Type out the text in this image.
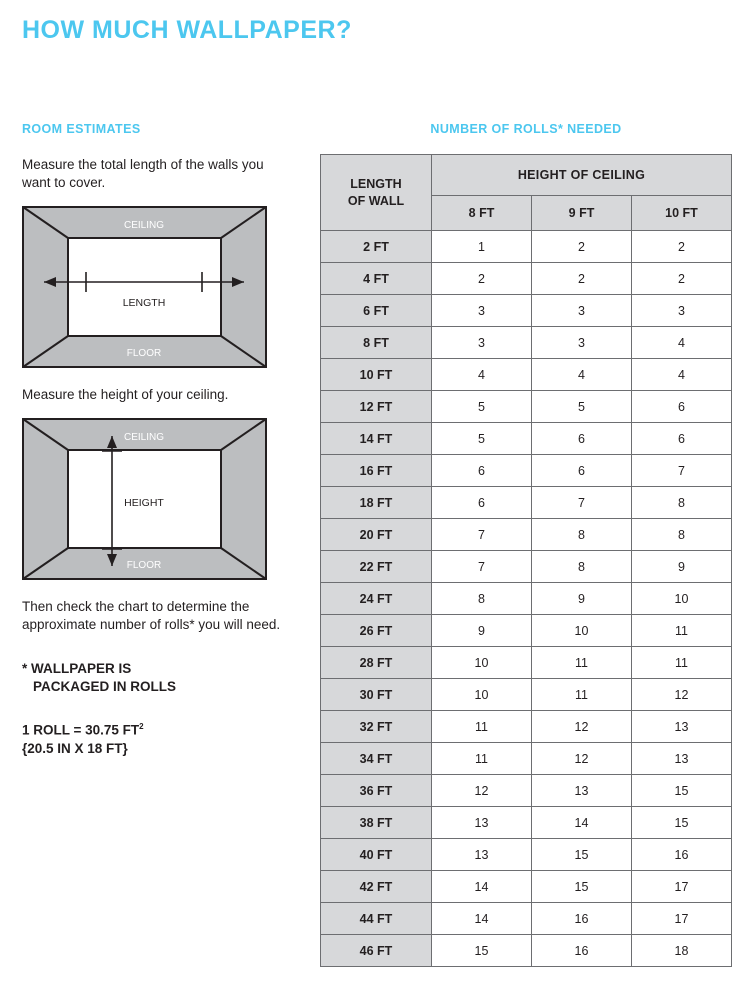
HOW MUCH WALLPAPER?
ROOM ESTIMATES

Measure the total length of the walls you want to cover.

LENGTH
CEILING
FLOOR

Measure the height of your ceiling.

HEIGHT
CEILING
FLOOR

Then check the chart to determine the approximate number of rolls* you will need.

* WALLPAPER IS

PACKAGED IN ROLLS

1 ROLL = 30.75 $FT^2$

{20.5 IN X 18 FT}

NUMBER OF ROLLS* NEEDED
LENGTH
OF WALL	HEIGHT OF CEILING		
	8 FT	9 FT	10 FT
2 FT	1	2	2
4 FT	2	2	2
6 FT	3	3	3
8 FT	3	3	4
10 FT	4	4	4
12 FT	5	5	6
14 FT	5	6	6
16 FT	6	6	7
18 FT	6	7	8
20 FT	7	8	8
22 FT	7	8	9
24 FT	8	9	10
26 FT	9	10	11
28 FT	10	11	11
30 FT	10	11	12
32 FT	11	12	13
34 FT	11	12	13
36 FT	12	13	15
38 FT	13	14	15
40 FT	13	15	16
42 FT	14	15	17
44 FT	14	16	17
46 FT	15	16	18
